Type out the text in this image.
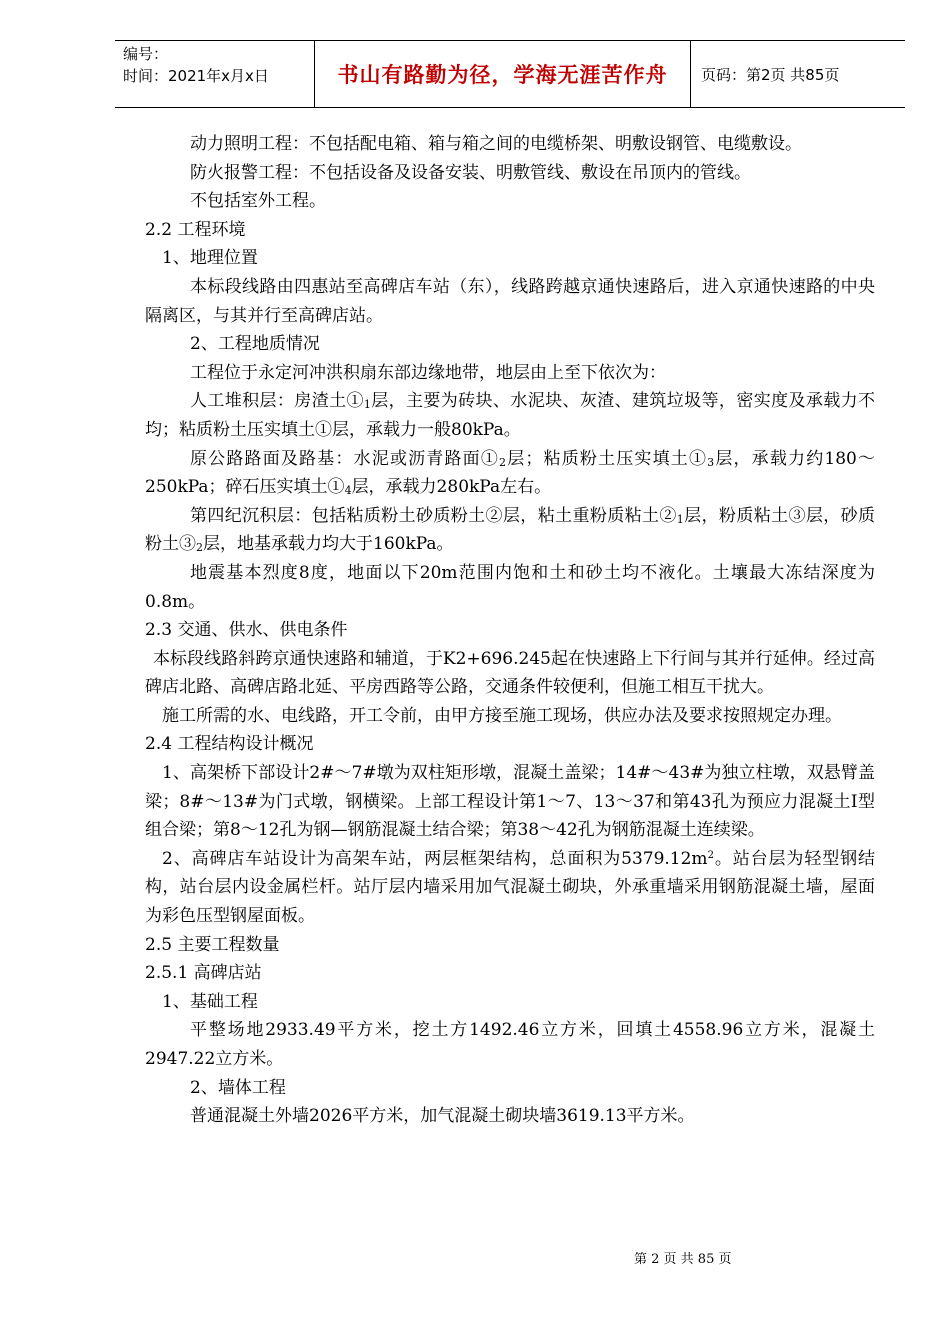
编号：
时间：2021年x月x日	书山有路勤为径，学海无涯苦作舟	页码：第2页 共85页

动力照明工程：不包括配电箱、箱与箱之间的电缆桥架、明敷设钢管、电缆敷设。

防火报警工程：不包括设备及设备安装、明敷管线、敷设在吊顶内的管线。

不包括室外工程。

2.2 工程环境

1、地理位置

本标段线路由四惠站至高碑店车站（东），线路跨越京通快速路后，进入京通快速路的中央隔离区，与其并行至高碑店站。

2、工程地质情况

工程位于永定河冲洪积扇东部边缘地带，地层由上至下依次为：

人工堆积层：房渣土$①_1$层，主要为砖块、水泥块、灰渣、建筑垃圾等，密实度及承载力不均；粘质粉土压实填土①层，承载力一般80kPa。

原公路路面及路基：水泥或沥青路面$①_2$层；粘质粉土压实填土$①_3$层，承载力约180～250kPa；碎石压实填土$①_4$层，承载力280kPa左右。

第四纪沉积层：包括粘质粉土砂质粉土②层，粘土重粉质粘土$②_1$层，粉质粘土③层，砂质粉土$③_2$层，地基承载力均大于160kPa。

地震基本烈度8度，地面以下20m范围内饱和土和砂土均不液化。土壤最大冻结深度为0.8m。

2.3 交通、供水、供电条件

本标段线路斜跨京通快速路和辅道，于K2+696.245起在快速路上下行间与其并行延伸。经过高碑店北路、高碑店路北延、平房西路等公路，交通条件较便利，但施工相互干扰大。

施工所需的水、电线路，开工令前，由甲方接至施工现场，供应办法及要求按照规定办理。

2.4 工程结构设计概况

1、高架桥下部设计2#～7#墩为双柱矩形墩，混凝土盖梁；14#～43#为独立柱墩，双悬臂盖梁；8#～13#为门式墩，钢横梁。上部工程设计第1～7、13～37和第43孔为预应力混凝土Ⅰ型组合梁；第8～12孔为钢—钢筋混凝土结合梁；第38～42孔为钢筋混凝土连续梁。

2、高碑店车站设计为高架车站，两层框架结构，总面积为$5379.12m^2$。站台层为轻型钢结构，站台层内设金属栏杆。站厅层内墙采用加气混凝土砌块，外承重墙采用钢筋混凝土墙，屋面为彩色压型钢屋面板。

2.5 主要工程数量

2.5.1 高碑店站

1、基础工程

平整场地2933.49平方米，挖土方1492.46立方米，回填土4558.96立方米，混凝土2947.22立方米。

2、墙体工程

普通混凝土外墙2026平方米，加气混凝土砌块墙3619.13平方米。

第 2 页 共 85 页
